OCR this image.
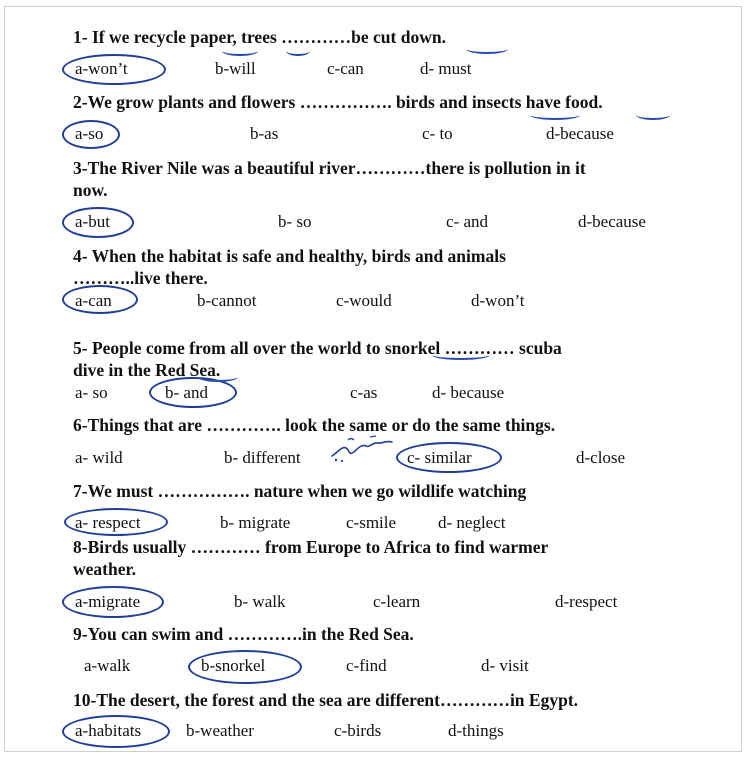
1- If we recycle paper, trees …………be cut down.
a-won’t	b-will	c-can	d- must
2-We grow plants and flowers ……………. birds and insects have food.
a-so	b-as	c- to	d-because
3-The River Nile was a beautiful river…………there is pollution in it
now.
a-but	b- so	c- and	d-because
4- When the habitat is safe and healthy, birds and animals
………..live there.
a-can	b-cannot	c-would	d-won’t
5- People come from all over the world to snorkel ………… scuba
dive in the Red Sea.
a- so	b- and	c-as	d- because
6-Things that are …………. look the same or do the same things.
a- wild	b- different	c- similar	d-close
7-We must ……………. nature when we go wildlife watching
a- respect	b- migrate	c-smile d- neglect
8-Birds usually ………… from Europe to Africa to find warmer
weather.
a-migrate	b- walk	c-learn	d-respect
9-You can swim and ………….in the Red Sea.
a-walk	b-snorkel	c-find	d- visit
10-The desert, the forest and the sea are different…………in Egypt.
a-habitats	b-weather	c-birds	d-things
